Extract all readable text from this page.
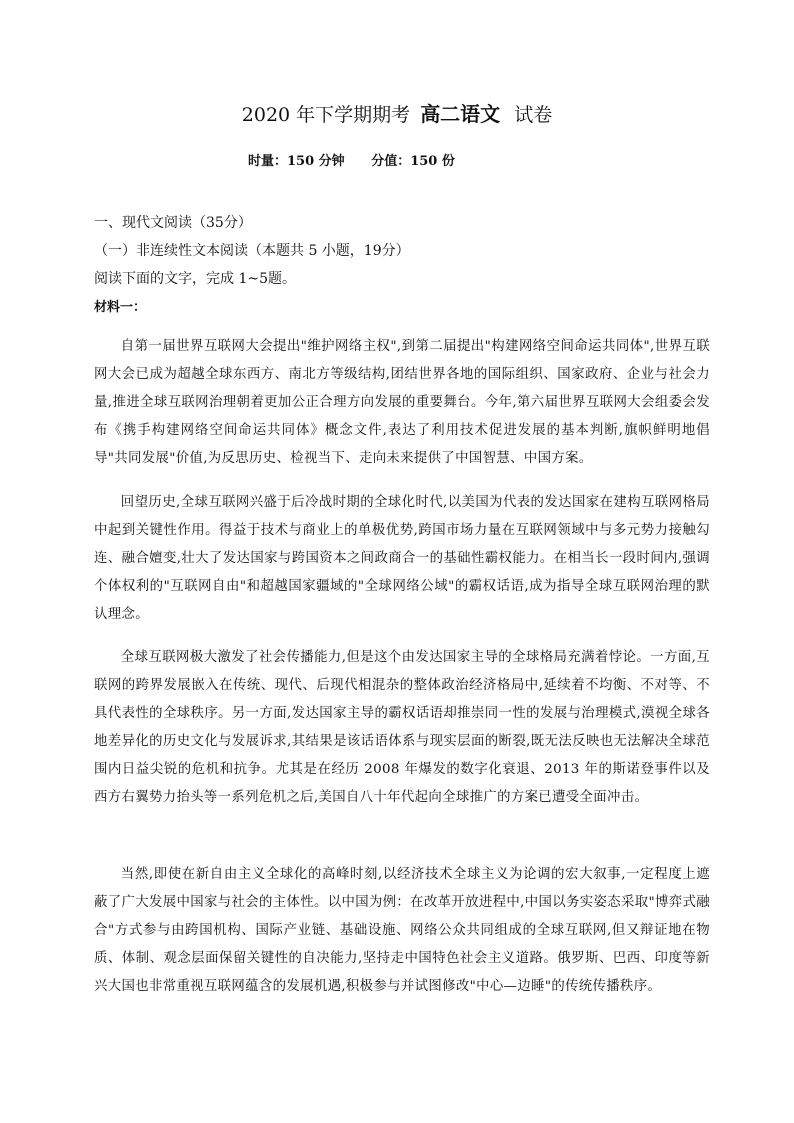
2020 年下学期期考 高二语文 试卷
时量：150 分钟 分值：150 份
一、现代文阅读（35分）
（一）非连续性文本阅读（本题共 5 小题，19分）
阅读下面的文字，完成 1~5题。
材料一：
自第一届世界互联网大会提出"维护网络主权",到第二届提出"构建网络空间命运共同体",世界互联网大会已成为超越全球东西方、南北方等级结构,团结世界各地的国际组织、国家政府、企业与社会力量,推进全球互联网治理朝着更加公正合理方向发展的重要舞台。今年,第六届世界互联网大会组委会发布《携手构建网络空间命运共同体》概念文件,表达了利用技术促进发展的基本判断,旗帜鲜明地倡导"共同发展"价值,为反思历史、检视当下、走向未来提供了中国智慧、中国方案。
回望历史,全球互联网兴盛于后冷战时期的全球化时代,以美国为代表的发达国家在建构互联网格局中起到关键性作用。得益于技术与商业上的单极优势,跨国市场力量在互联网领域中与多元势力接触勾连、融合嬗变,壮大了发达国家与跨国资本之间政商合一的基础性霸权能力。在相当长一段时间内,强调个体权利的"互联网自由"和超越国家疆域的"全球网络公域"的霸权话语,成为指导全球互联网治理的默认理念。
全球互联网极大激发了社会传播能力,但是这个由发达国家主导的全球格局充满着悖论。一方面,互联网的跨界发展嵌入在传统、现代、后现代相混杂的整体政治经济格局中,延续着不均衡、不对等、不具代表性的全球秩序。另一方面,发达国家主导的霸权话语却推崇同一性的发展与治理模式,漠视全球各地差异化的历史文化与发展诉求,其结果是该话语体系与现实层面的断裂,既无法反映也无法解决全球范围内日益尖锐的危机和抗争。尤其是在经历 2008 年爆发的数字化衰退、2013 年的斯诺登事件以及西方右翼势力抬头等一系列危机之后,美国自八十年代起向全球推广的方案已遭受全面冲击。
当然,即使在新自由主义全球化的高峰时刻,以经济技术全球主义为论调的宏大叙事,一定程度上遮蔽了广大发展中国家与社会的主体性。以中国为例：在改革开放进程中,中国以务实姿态采取"博弈式融合"方式参与由跨国机构、国际产业链、基础设施、网络公众共同组成的全球互联网,但又辩证地在物质、体制、观念层面保留关键性的自决能力,坚持走中国特色社会主义道路。俄罗斯、巴西、印度等新兴大国也非常重视互联网蕴含的发展机遇,积极参与并试图修改"中心—边睡"的传统传播秩序。
